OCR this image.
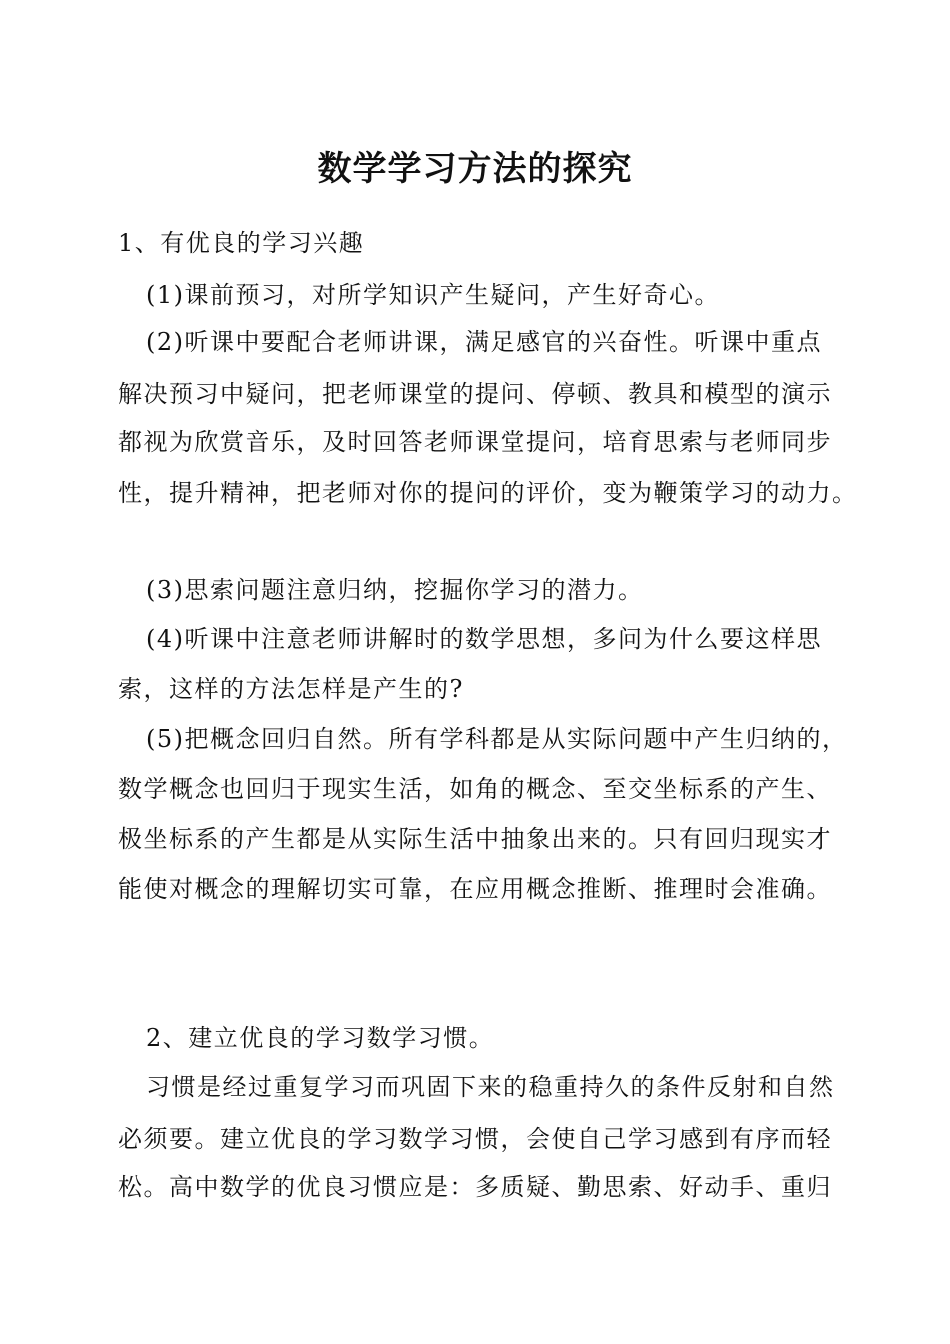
数学学习方法的探究
1、有优良的学习兴趣
(1)课前预习，对所学知识产生疑问，产生好奇心。
(2)听课中要配合老师讲课，满足感官的兴奋性。听课中重点
解决预习中疑问，把老师课堂的提问、停顿、教具和模型的演示
都视为欣赏音乐，及时回答老师课堂提问，培育思索与老师同步
性，提升精神，把老师对你的提问的评价，变为鞭策学习的动力。
(3)思索问题注意归纳，挖掘你学习的潜力。
(4)听课中注意老师讲解时的数学思想，多问为什么要这样思
索，这样的方法怎样是产生的?
(5)把概念回归自然。所有学科都是从实际问题中产生归纳的，
数学概念也回归于现实生活，如角的概念、至交坐标系的产生、
极坐标系的产生都是从实际生活中抽象出来的。只有回归现实才
能使对概念的理解切实可靠，在应用概念推断、推理时会准确。
2、建立优良的学习数学习惯。
习惯是经过重复学习而巩固下来的稳重持久的条件反射和自然
必须要。建立优良的学习数学习惯，会使自己学习感到有序而轻
松。高中数学的优良习惯应是：多质疑、勤思索、好动手、重归
